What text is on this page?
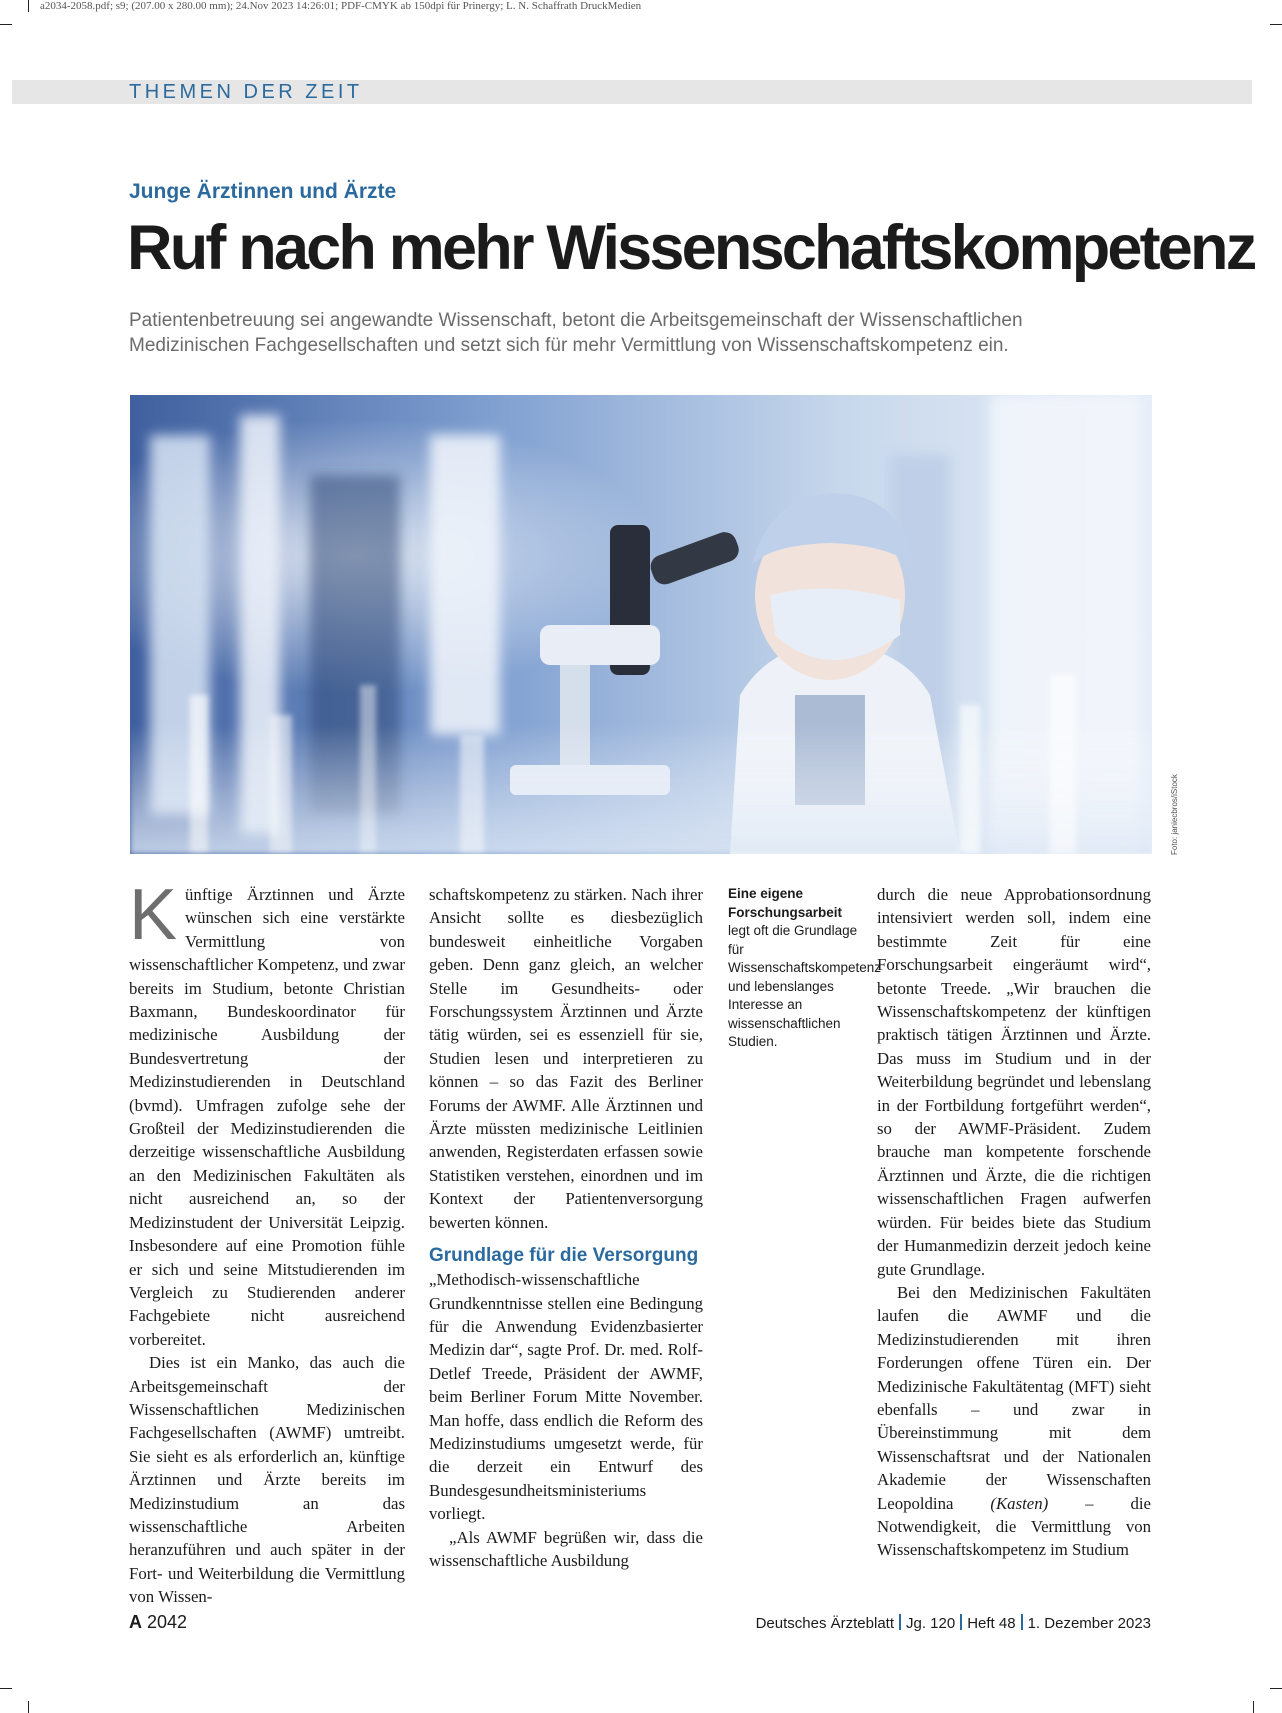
a2034-2058.pdf; s9; (207.00 x 280.00 mm); 24.Nov 2023 14:26:01; PDF-CMYK ab 150dpi für Prinergy; L. N. Schaffrath DruckMedien
THEMEN DER ZEIT
Junge Ärztinnen und Ärzte
Ruf nach mehr Wissenschaftskompetenz
Patientenbetreuung sei angewandte Wissenschaft, betont die Arbeitsgemeinschaft der Wissenschaftlichen Medizinischen Fachgesellschaften und setzt sich für mehr Vermittlung von Wissenschaftskompetenz ein.
Foto: janiecbros/iStock

Künftige Ärztinnen und Ärzte wünschen sich eine verstärkte Vermittlung von wissenschaftlicher Kompetenz, und zwar bereits im Studium, betonte Christian Baxmann, Bundeskoordinator für medizinische Ausbildung der Bundesvertretung der Medizinstudierenden in Deutschland (bvmd). Umfragen zufolge sehe der Großteil der Medizinstudierenden die derzeitige wissenschaftliche Ausbildung an den Medizinischen Fakultäten als nicht ausreichend an, so der Medizinstudent der Universität Leipzig. Insbesondere auf eine Promotion fühle er sich und seine Mitstudierenden im Vergleich zu Studierenden anderer Fachgebiete nicht ausreichend vorbereitet.

Dies ist ein Manko, das auch die Arbeitsgemeinschaft der Wissenschaftlichen Medizinischen Fachgesellschaften (AWMF) umtreibt. Sie sieht es als erforderlich an, künftige Ärztinnen und Ärzte bereits im Medizinstudium an das wissenschaftliche Arbeiten heranzuführen und auch später in der Fort- und Weiterbildung die Vermittlung von Wissen-

schaftskompetenz zu stärken. Nach ihrer Ansicht sollte es diesbezüglich bundesweit einheitliche Vorgaben geben. Denn ganz gleich, an welcher Stelle im Gesundheits- oder Forschungssystem Ärztinnen und Ärzte tätig würden, sei es essenziell für sie, Studien lesen und interpretieren zu können – so das Fazit des Berliner Forums der AWMF. Alle Ärztinnen und Ärzte müssten medizinische Leitlinien anwenden, Registerdaten erfassen sowie Statistiken verstehen, einordnen und im Kontext der Patientenversorgung bewerten können.

Grundlage für die Versorgung

„Methodisch-wissenschaftliche Grundkenntnisse stellen eine Bedingung für die Anwendung Evidenzbasierter Medizin dar“, sagte Prof. Dr. med. Rolf-Detlef Treede, Präsident der AWMF, beim Berliner Forum Mitte November. Man hoffe, dass endlich die Reform des Medizinstudiums umgesetzt werde, für die derzeit ein Entwurf des Bundesgesundheitsministeriums vorliegt.

„Als AWMF begrüßen wir, dass die wissenschaftliche Ausbildung

Eine eigene Forschungsarbeit legt oft die Grundlage für Wissenschaftskompetenz und lebenslanges Interesse an wissenschaftlichen Studien.

durch die neue Approbationsordnung intensiviert werden soll, indem eine bestimmte Zeit für eine Forschungsarbeit eingeräumt wird“, betonte Treede. „Wir brauchen die Wissenschaftskompetenz der künftigen praktisch tätigen Ärztinnen und Ärzte. Das muss im Studium und in der Weiterbildung begründet und lebenslang in der Fortbildung fortgeführt werden“, so der AWMF-Präsident. Zudem brauche man kompetente forschende Ärztinnen und Ärzte, die die richtigen wissenschaftlichen Fragen aufwerfen würden. Für beides biete das Studium der Humanmedizin derzeit jedoch keine gute Grundlage.

Bei den Medizinischen Fakultäten laufen die AWMF und die Medizinstudierenden mit ihren Forderungen offene Türen ein. Der Medizinische Fakultätentag (MFT) sieht ebenfalls – und zwar in Übereinstimmung mit dem Wissenschaftsrat und der Nationalen Akademie der Wissenschaften Leopoldina (Kasten) – die Notwendigkeit, die Vermittlung von Wissenschaftskompetenz im Studium

A 2042	Deutsches Ärzteblatt Jg. 120 Heft 48 1. Dezember 2023
